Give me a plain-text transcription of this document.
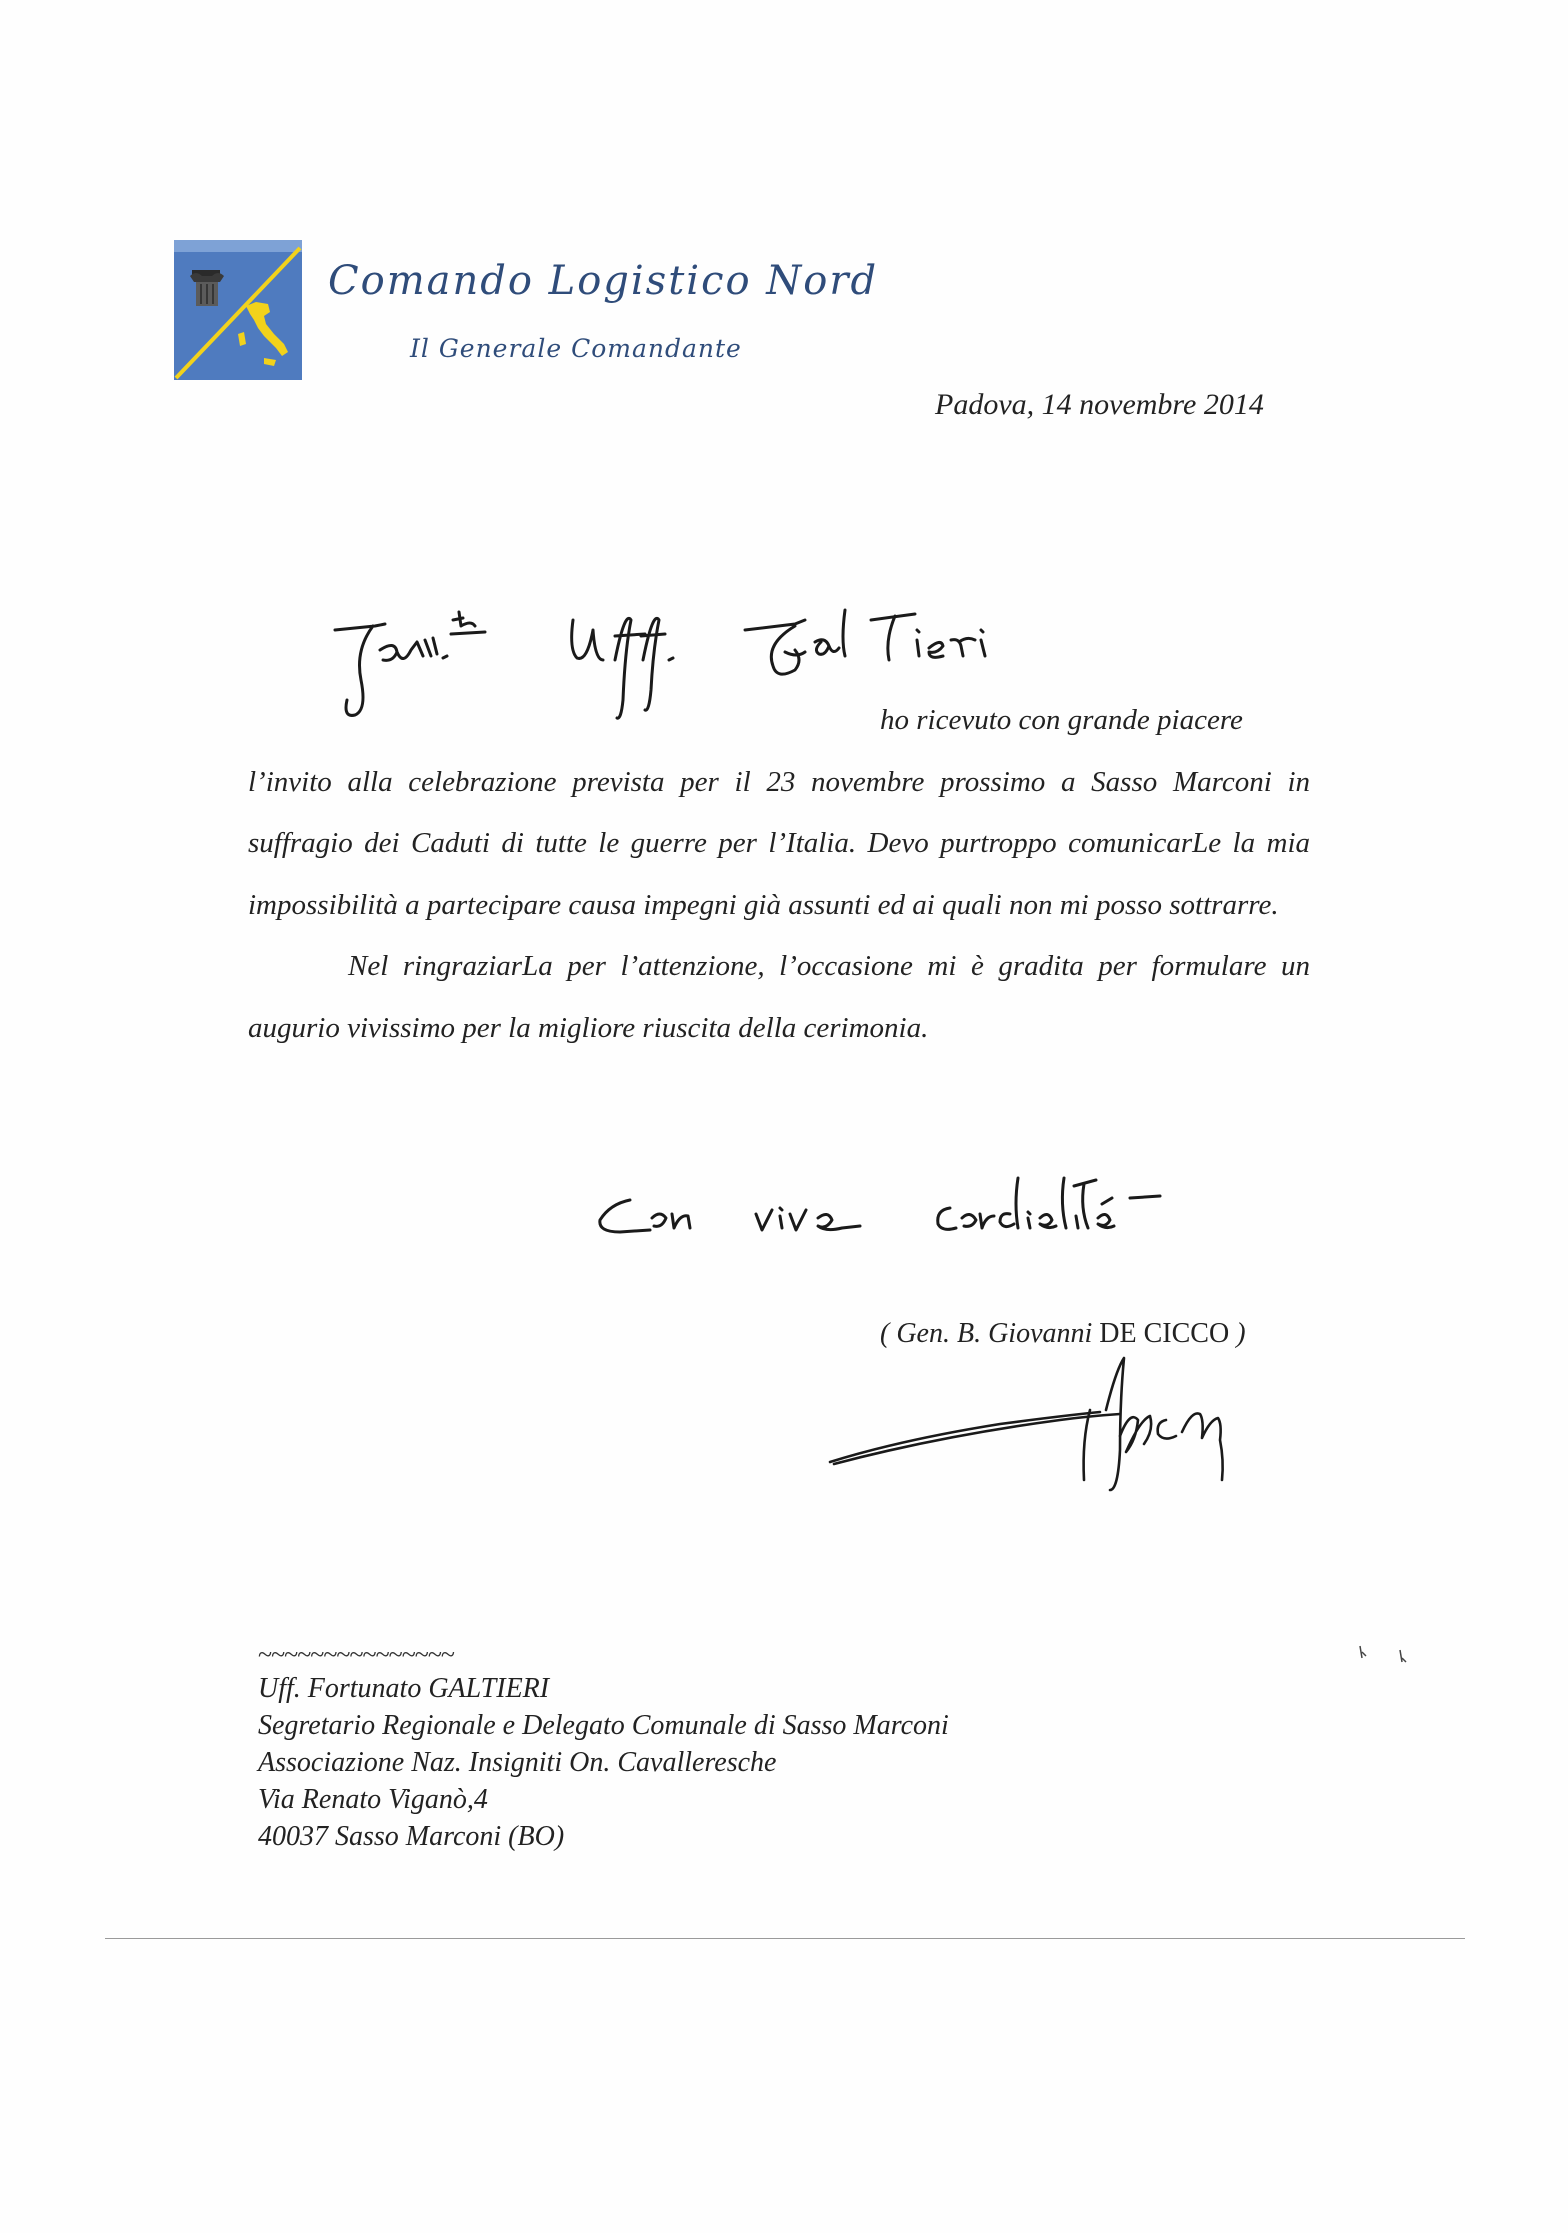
Comando Logistico Nord
Il Generale Comandante
Padova, 14 novembre 2014
ho ricevuto con grande piacere
l’invito alla celebrazione prevista per il 23 novembre prossimo a Sasso Marconi in suffragio dei Caduti di tutte le guerre per l’Italia. Devo purtroppo comunicarLe la mia impossibilità a partecipare causa impegni già assunti ed ai quali non mi posso sottrarre.
Nel ringraziarLa per l’attenzione, l’occasione mi è gradita per formulare un augurio vivissimo per la migliore riuscita della cerimonia.
( Gen. B. Giovanni DE CICCO )
~~~~~~~~~~~~~~~
Uff. Fortunato GALTIERI
Segretario Regionale e Delegato Comunale di Sasso Marconi
Associazione Naz. Insigniti On. Cavalleresche
Via Renato Viganò,4
40037 Sasso Marconi (BO)
